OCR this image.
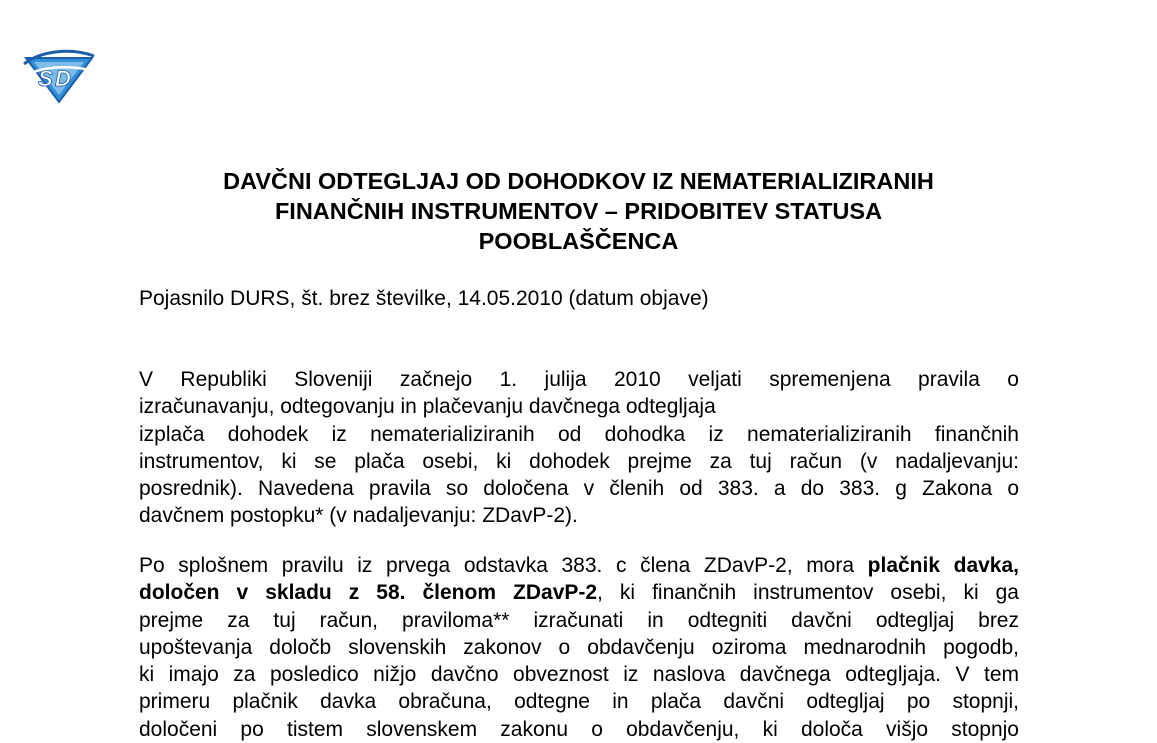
S D
DAVČNI ODTEGLJAJ OD DOHODKOV IZ NEMATERIALIZIRANIH
FINANČNIH INSTRUMENTOV – PRIDOBITEV STATUSA
POOBLAŠČENCA
Pojasnilo DURS, št. brez številke, 14.05.2010 (datum objave)
V Republiki Sloveniji začnejo 1. julija 2010 veljati spremenjena pravila o
izračunavanju, odtegovanju in plačevanju davčnega odtegljaja
izplača dohodek iz nematerializiranih od dohodka iz nematerializiranih finančnih
instrumentov, ki se plača osebi, ki dohodek prejme za tuj račun (v nadaljevanju:
posrednik). Navedena pravila so določena v členih od 383. a do 383. g Zakona o
davčnem postopku* (v nadaljevanju: ZDavP-2).
Po splošnem pravilu iz prvega odstavka 383. c člena ZDavP-2, mora plačnik davka,
določen v skladu z 58. členom ZDavP-2, ki finančnih instrumentov osebi, ki ga
prejme za tuj račun, praviloma** izračunati in odtegniti davčni odtegljaj brez
upoštevanja določb slovenskih zakonov o obdavčenju oziroma mednarodnih pogodb,
ki imajo za posledico nižjo davčno obveznost iz naslova davčnega odtegljaja. V tem
primeru plačnik davka obračuna, odtegne in plača davčni odtegljaj po stopnji,
določeni po tistem slovenskem zakonu o obdavčenju, ki določa višjo stopnjo
